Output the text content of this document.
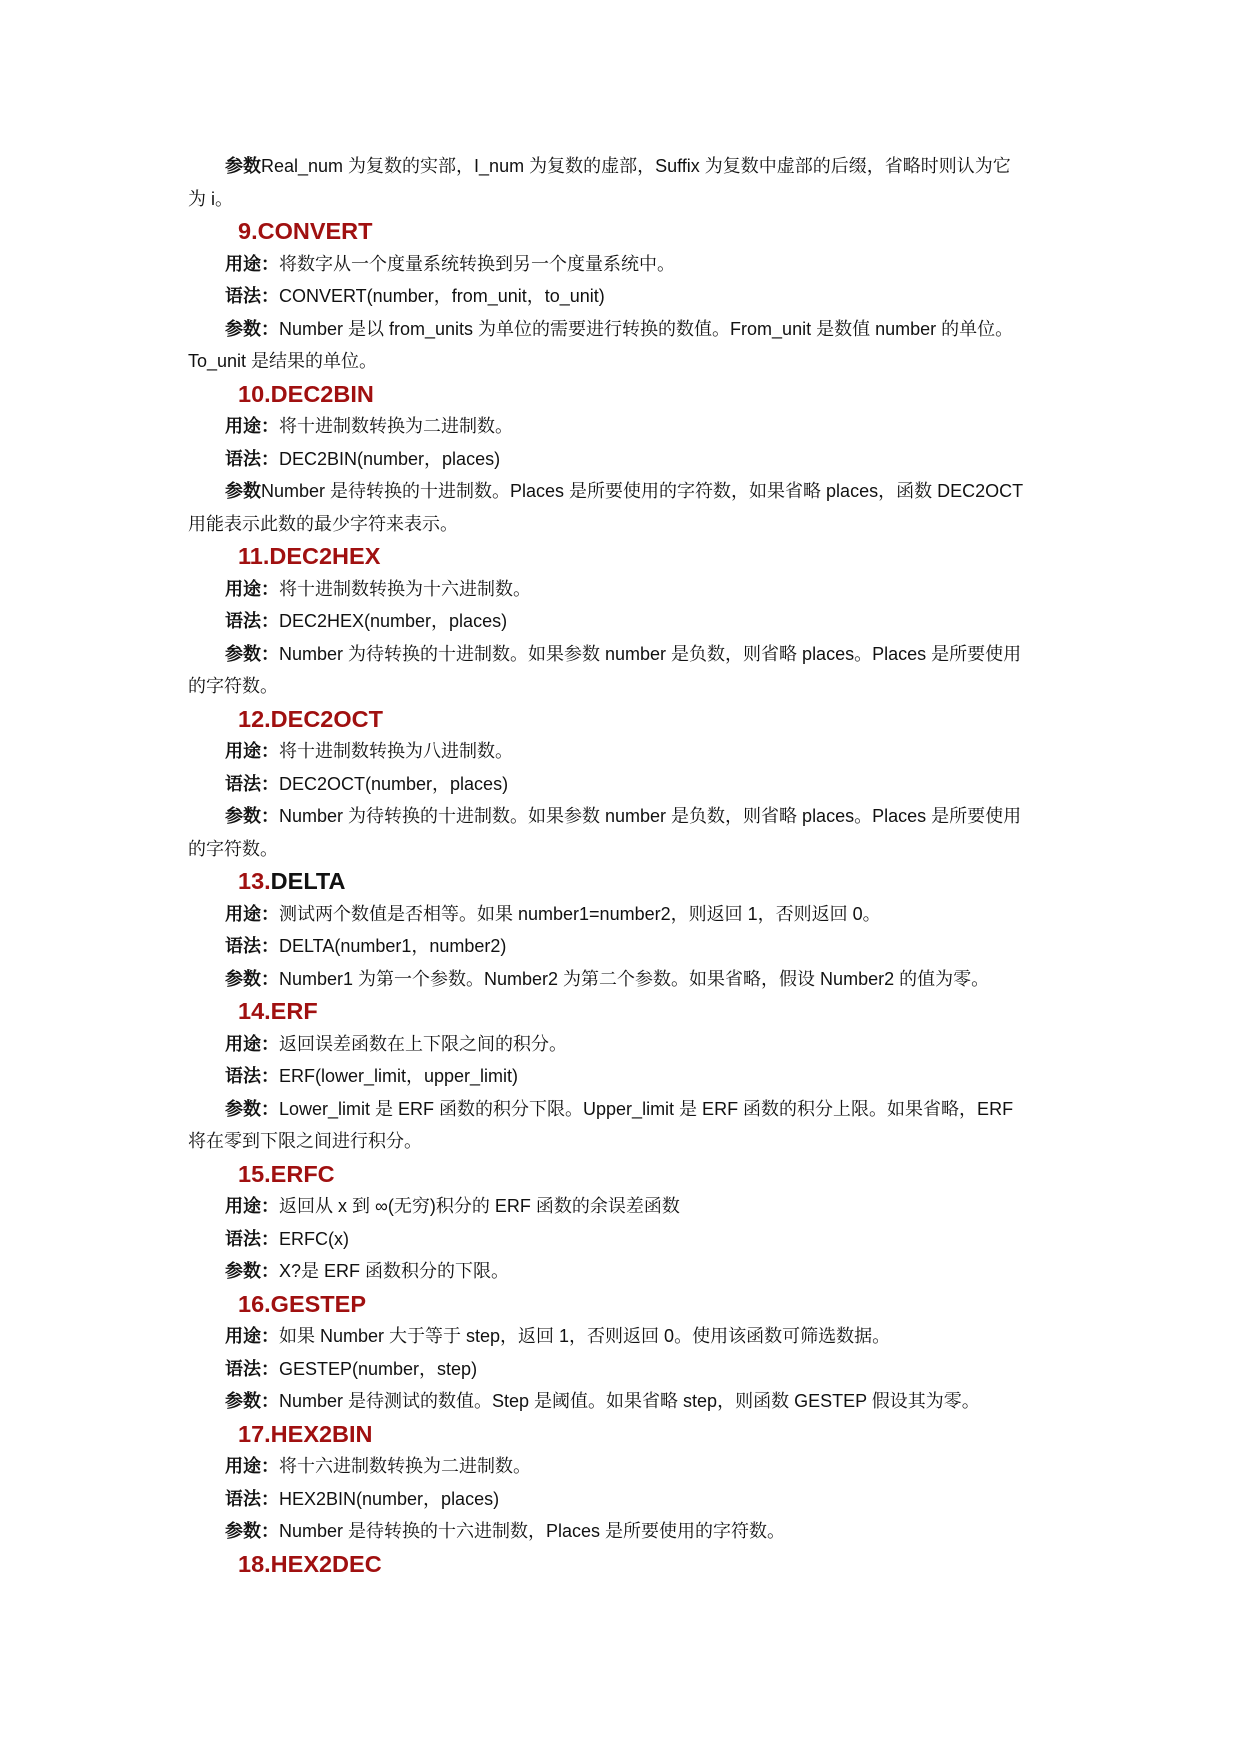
参数Real_num 为复数的实部，I_num 为复数的虚部，Suffix 为复数中虚部的后缀，省略时则认为它
为 i。
9.CONVERT
用途：将数字从一个度量系统转换到另一个度量系统中。
语法：CONVERT(number，from_unit，to_unit)
参数：Number 是以 from_units 为单位的需要进行转换的数值。From_unit 是数值 number 的单位。
To_unit 是结果的单位。
10.DEC2BIN
用途：将十进制数转换为二进制数。
语法：DEC2BIN(number，places)
参数Number 是待转换的十进制数。Places 是所要使用的字符数，如果省略 places，函数 DEC2OCT
用能表示此数的最少字符来表示。
11.DEC2HEX
用途：将十进制数转换为十六进制数。
语法：DEC2HEX(number，places)
参数：Number 为待转换的十进制数。如果参数 number 是负数，则省略 places。Places 是所要使用
的字符数。
12.DEC2OCT
用途：将十进制数转换为八进制数。
语法：DEC2OCT(number，places)
参数：Number 为待转换的十进制数。如果参数 number 是负数，则省略 places。Places 是所要使用
的字符数。
13.DELTA
用途：测试两个数值是否相等。如果 number1=number2，则返回 1，否则返回 0。
语法：DELTA(number1，number2)
参数：Number1 为第一个参数。Number2 为第二个参数。如果省略，假设 Number2 的值为零。
14.ERF
用途：返回误差函数在上下限之间的积分。
语法：ERF(lower_limit，upper_limit)
参数：Lower_limit 是 ERF 函数的积分下限。Upper_limit 是 ERF 函数的积分上限。如果省略，ERF
将在零到下限之间进行积分。
15.ERFC
用途：返回从 x 到 ∞(无穷)积分的 ERF 函数的余误差函数
语法：ERFC(x)
参数：X?是 ERF 函数积分的下限。
16.GESTEP
用途：如果 Number 大于等于 step，返回 1，否则返回 0。使用该函数可筛选数据。
语法：GESTEP(number，step)
参数：Number 是待测试的数值。Step 是阈值。如果省略 step，则函数 GESTEP 假设其为零。
17.HEX2BIN
用途：将十六进制数转换为二进制数。
语法：HEX2BIN(number，places)
参数：Number 是待转换的十六进制数，Places 是所要使用的字符数。
18.HEX2DEC
